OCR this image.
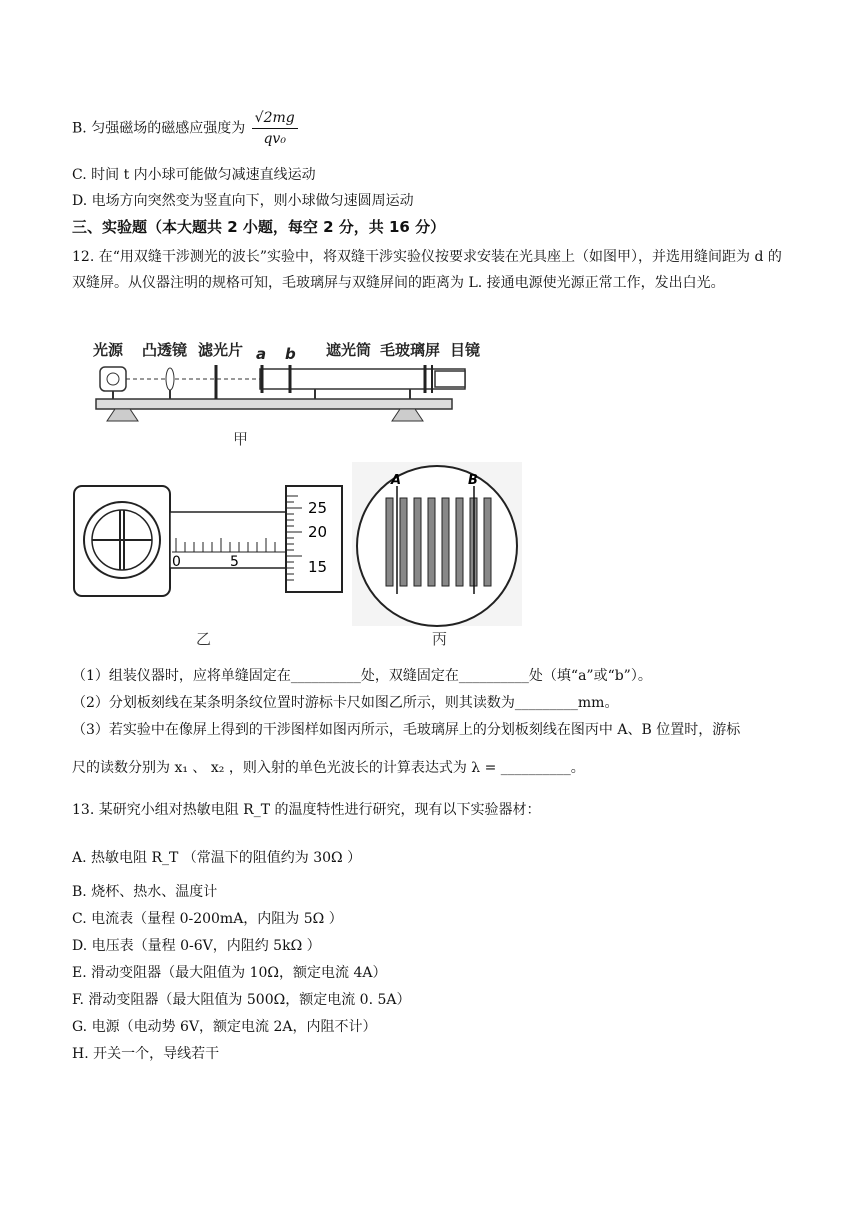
B. 匀强磁场的磁感应强度为 $\frac{√2mg}{\text{qv₀}}$
C. 时间 t 内小球可能做匀减速直线运动
D. 电场方向突然变为竖直向下，则小球做匀速圆周运动
三、实验题（本大题共 2 小题，每空 2 分，共 16 分）
12. 在“用双缝干涉测光的波长”实验中，将双缝干涉实验仪按要求安装在光具座上（如图甲），并选用缝间距为 d 的双缝屏。从仪器注明的规格可知，毛玻璃屏与双缝屏间的距离为 L. 接通电源使光源正常工作，发出白光。
光源 凸透镜 滤光片 a b 遮光筒 毛玻璃屏 目镜
甲
0	5
25
20
15
乙
A	B
丙
（1）组装仪器时，应将单缝固定在__________处，双缝固定在__________处（填“a”或“b”）。
（2）分划板刻线在某条明条纹位置时游标卡尺如图乙所示，则其读数为_________mm。
（3）若实验中在像屏上得到的干涉图样如图丙所示，毛玻璃屏上的分划板刻线在图丙中 A、B 位置时，游标
尺的读数分别为 x₁ 、 x₂ ，则入射的单色光波长的计算表达式为 λ = __________。
13. 某研究小组对热敏电阻 R_T 的温度特性进行研究，现有以下实验器材：
A. 热敏电阻 R_T （常温下的阻值约为 30Ω ）
B. 烧杯、热水、温度计
C. 电流表（量程 0-200mA，内阻为 5Ω ）
D. 电压表（量程 0-6V，内阻约 5kΩ ）
E. 滑动变阻器（最大阻值为 10Ω，额定电流 4A）
F. 滑动变阻器（最大阻值为 500Ω，额定电流 0. 5A）
G. 电源（电动势 6V，额定电流 2A，内阻不计）
H. 开关一个，导线若干
